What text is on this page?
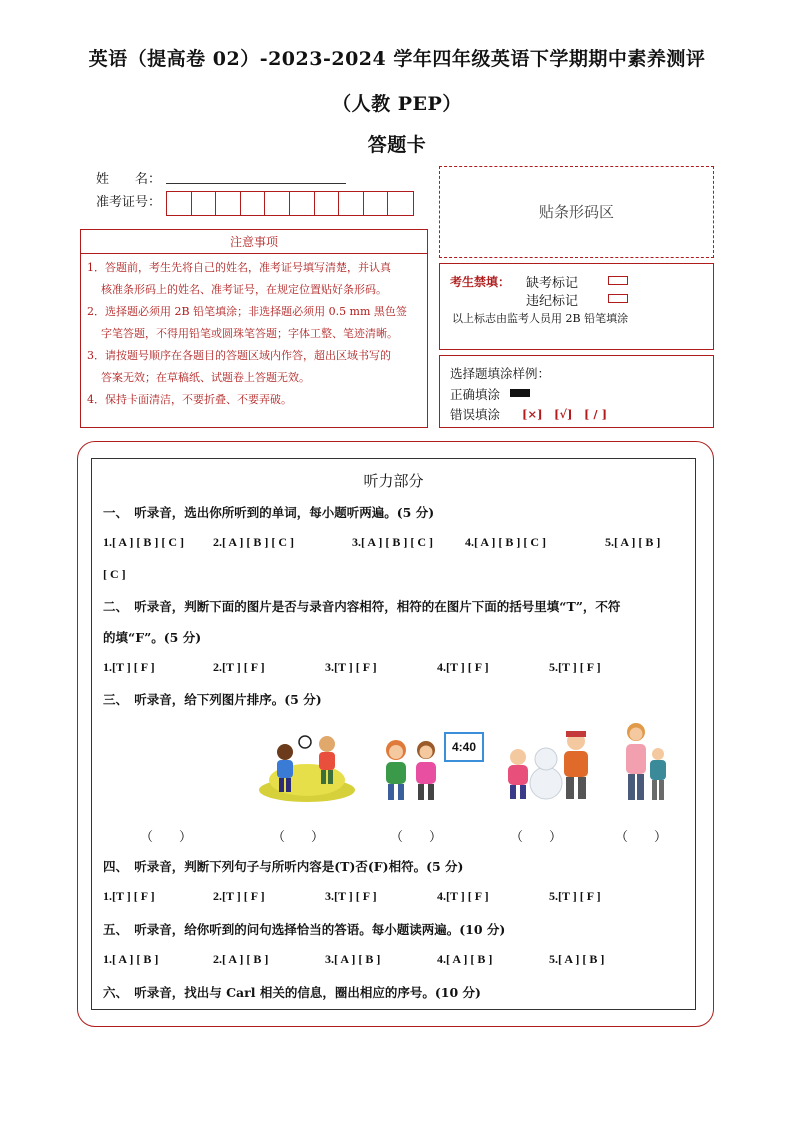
英语（提高卷 02）-2023-2024 学年四年级英语下学期期中素养测评
（人教 PEP）
答题卡
姓　　名：
准考证号：
贴条形码区
注意事项
1．答题前，考生先将自己的姓名，准考证号填写清楚，并认真
核准条形码上的姓名、准考证号，在规定位置贴好条形码。
2．选择题必须用 2B 铅笔填涂；非选择题必须用 0.5 mm 黑色签
字笔答题，不得用铅笔或圆珠笔答题；字体工整、笔迹清晰。
3．请按题号顺序在各题目的答题区域内作答，超出区域书写的
答案无效；在草稿纸、试题卷上答题无效。
4．保持卡面清洁，不要折叠、不要弄破。
考生禁填： 缺考标记
违纪标记
以上标志由监考人员用 2B 铅笔填涂
选择题填涂样例：
正确填涂
错误填涂 [×]　[√]　[ / ]
听力部分
一、　听录音，选出你所听到的单词，每小题听两遍。(5 分)
1.[ A ] [ B ] [ C ] 2.[ A ] [ B ] [ C ]	3.[ A ] [ B ] [ C ]	4.[ A ] [ B ] [ C ]	5.[ A ] [ B ]
[ C ]
二、　听录音，判断下面的图片是否与录音内容相符，相符的在图片下面的括号里填“T”，不符
的填“F”。(5 分)
1.[T ] [ F ]	2.[T ] [ F ]	3.[T ] [ F ]	4.[T ] [ F ]	5.[T ] [ F ]
三、　听录音，给下列图片排序。(5 分)
4:40
（　　）	（　　）	（　　）	（　　）	（　　）
四、　听录音，判断下列句子与所听内容是(T)否(F)相符。(5 分)
1.[T ] [ F ]	2.[T ] [ F ]	3.[T ] [ F ]	4.[T ] [ F ]	5.[T ] [ F ]
五、　听录音，给你听到的问句选择恰当的答语。每小题读两遍。(10 分)
1.[ A ] [ B ]	2.[ A ] [ B ]	3.[ A ] [ B ]	4.[ A ] [ B ]	5.[ A ] [ B ]
六、　听录音，找出与 Carl 相关的信息，圈出相应的序号。(10 分)
